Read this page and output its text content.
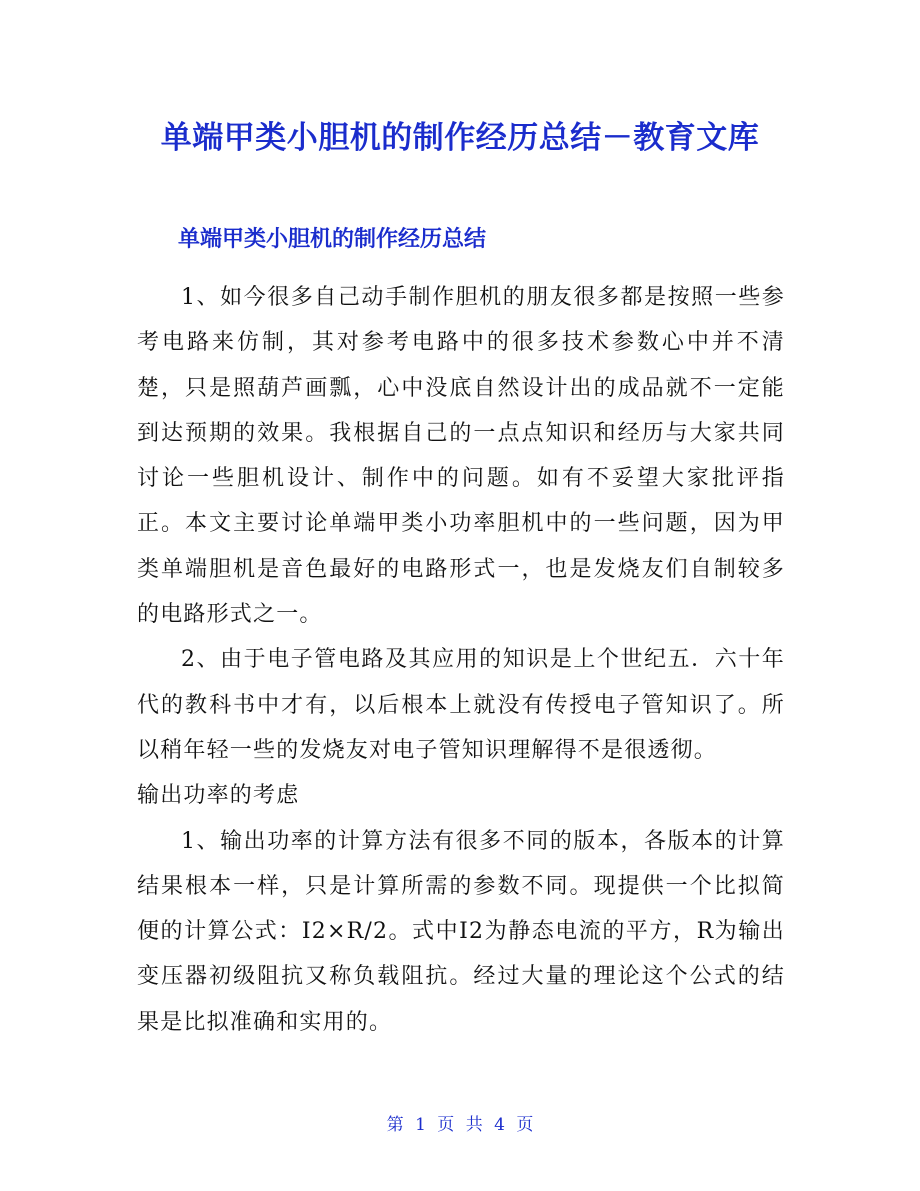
单端甲类小胆机的制作经历总结－教育文库
单端甲类小胆机的制作经历总结

1、如今很多自己动手制作胆机的朋友很多都是按照一些参考电路来仿制，其对参考电路中的很多技术参数心中并不清楚，只是照葫芦画瓢，心中没底自然设计出的成品就不一定能到达预期的效果。我根据自己的一点点知识和经历与大家共同讨论一些胆机设计、制作中的问题。如有不妥望大家批评指正。本文主要讨论单端甲类小功率胆机中的一些问题，因为甲类单端胆机是音色最好的电路形式一，也是发烧友们自制较多的电路形式之一。

2、由于电子管电路及其应用的知识是上个世纪五．六十年代的教科书中才有，以后根本上就没有传授电子管知识了。所以稍年轻一些的发烧友对电子管知识理解得不是很透彻。

输出功率的考虑

1、输出功率的计算方法有很多不同的版本，各版本的计算结果根本一样，只是计算所需的参数不同。现提供一个比拟简便的计算公式：I2×R/2。式中I2为静态电流的平方，R为输出变压器初级阻抗又称负载阻抗。经过大量的理论这个公式的结果是比拟准确和实用的。

第 1 页 共 4 页
